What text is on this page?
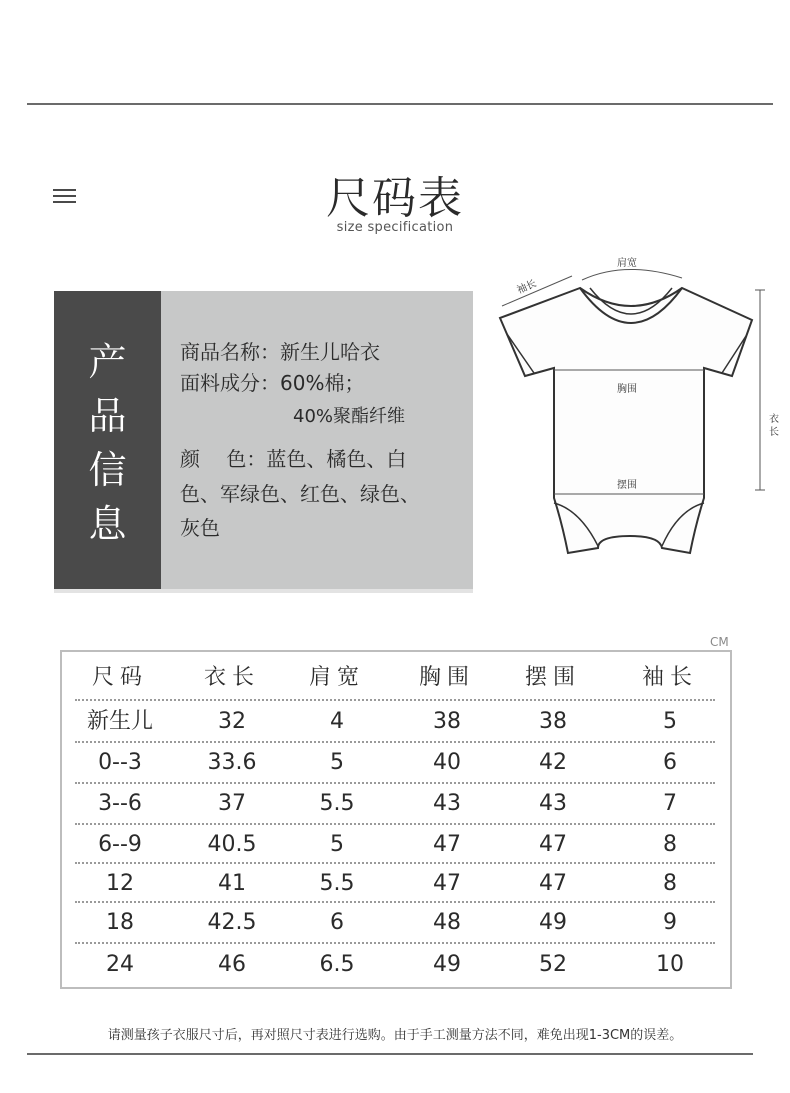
尺码表
size specification
产
品
信
息
商品名称：新生儿哈衣
面料成分：60%棉；
40%聚酯纤维
颜　 色：蓝色、橘色、白
色、军绿色、红色、绿色、
灰色
肩宽
袖长
胸围
摆围
衣
长
CM
尺码	衣长	肩宽	胸围	摆围	袖长
新生儿	32	4	38	38	5
0--3	33.6	5	40	42	6
3--6	37	5.5	43	43	7
6--9	40.5	5	47	47	8
12	41	5.5	47	47	8
18	42.5	6	48	49	9
24	46	6.5	49	52	10
请测量孩子衣服尺寸后，再对照尺寸表进行选购。由于手工测量方法不同，难免出现1-3CM的误差。
